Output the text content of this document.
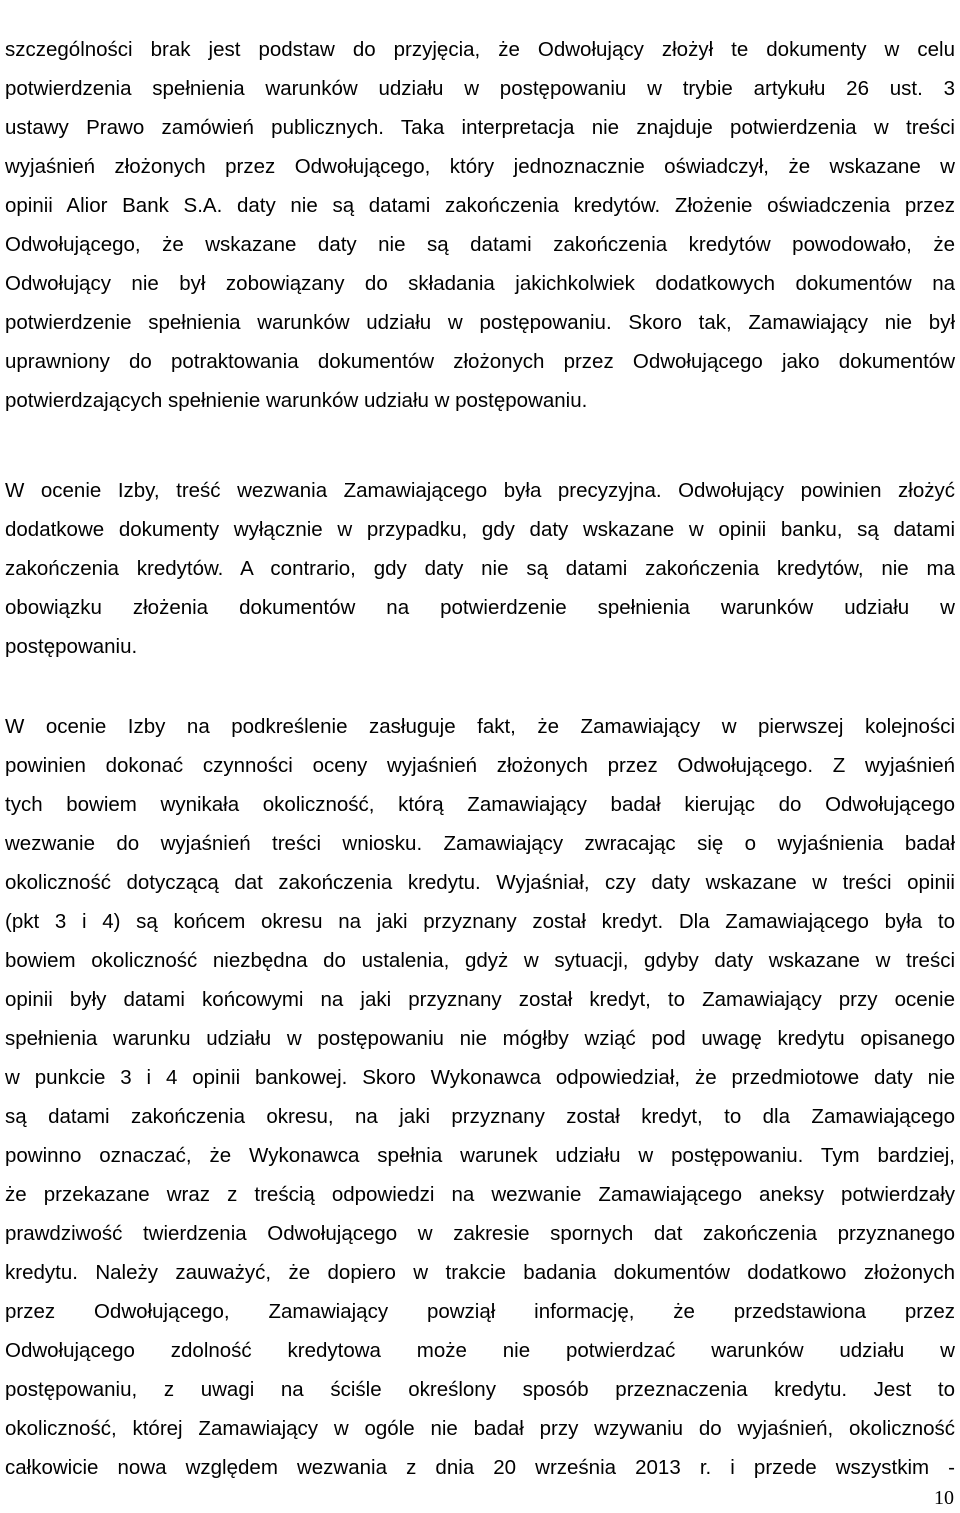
szczególności brak jest podstaw do przyjęcia, że Odwołujący złożył te dokumenty w celu
potwierdzenia spełnienia warunków udziału w postępowaniu w trybie artykułu 26 ust. 3
ustawy Prawo zamówień publicznych. Taka interpretacja nie znajduje potwierdzenia w treści
wyjaśnień złożonych przez Odwołującego, który jednoznacznie oświadczył, że wskazane w
opinii Alior Bank S.A. daty nie są datami zakończenia kredytów. Złożenie oświadczenia przez
Odwołującego, że wskazane daty nie są datami zakończenia kredytów powodowało, że
Odwołujący nie był zobowiązany do składania jakichkolwiek dodatkowych dokumentów na
potwierdzenie spełnienia warunków udziału w postępowaniu. Skoro tak, Zamawiający nie był
uprawniony do potraktowania dokumentów złożonych przez Odwołującego jako dokumentów
potwierdzających spełnienie warunków udziału w postępowaniu.
W ocenie Izby, treść wezwania Zamawiającego była precyzyjna. Odwołujący powinien złożyć
dodatkowe dokumenty wyłącznie w przypadku, gdy daty wskazane w opinii banku, są datami
zakończenia kredytów. A contrario, gdy daty nie są datami zakończenia kredytów, nie ma
obowiązku złożenia dokumentów na potwierdzenie spełnienia warunków udziału w
postępowaniu.
W ocenie Izby na podkreślenie zasługuje fakt, że Zamawiający w pierwszej kolejności
powinien dokonać czynności oceny wyjaśnień złożonych przez Odwołującego. Z wyjaśnień
tych bowiem wynikała okoliczność, którą Zamawiający badał kierując do Odwołującego
wezwanie do wyjaśnień treści wniosku. Zamawiający zwracając się o wyjaśnienia badał
okoliczność dotyczącą dat zakończenia kredytu. Wyjaśniał, czy daty wskazane w treści opinii
(pkt 3 i 4) są końcem okresu na jaki przyznany został kredyt. Dla Zamawiającego była to
bowiem okoliczność niezbędna do ustalenia, gdyż w sytuacji, gdyby daty wskazane w treści
opinii były datami końcowymi na jaki przyznany został kredyt, to Zamawiający przy ocenie
spełnienia warunku udziału w postępowaniu nie mógłby wziąć pod uwagę kredytu opisanego
w punkcie 3 i 4 opinii bankowej. Skoro Wykonawca odpowiedział, że przedmiotowe daty nie
są datami zakończenia okresu, na jaki przyznany został kredyt, to dla Zamawiającego
powinno oznaczać, że Wykonawca spełnia warunek udziału w postępowaniu. Tym bardziej,
że przekazane wraz z treścią odpowiedzi na wezwanie Zamawiającego aneksy potwierdzały
prawdziwość twierdzenia Odwołującego w zakresie spornych dat zakończenia przyznanego
kredytu. Należy zauważyć, że dopiero w trakcie badania dokumentów dodatkowo złożonych
przez Odwołującego, Zamawiający powziął informację, że przedstawiona przez
Odwołującego zdolność kredytowa może nie potwierdzać warunków udziału w
postępowaniu, z uwagi na ściśle określony sposób przeznaczenia kredytu. Jest to
okoliczność, której Zamawiający w ogóle nie badał przy wzywaniu do wyjaśnień, okoliczność
całkowicie nowa względem wezwania z dnia 20 września 2013 r. i przede wszystkim -
10
